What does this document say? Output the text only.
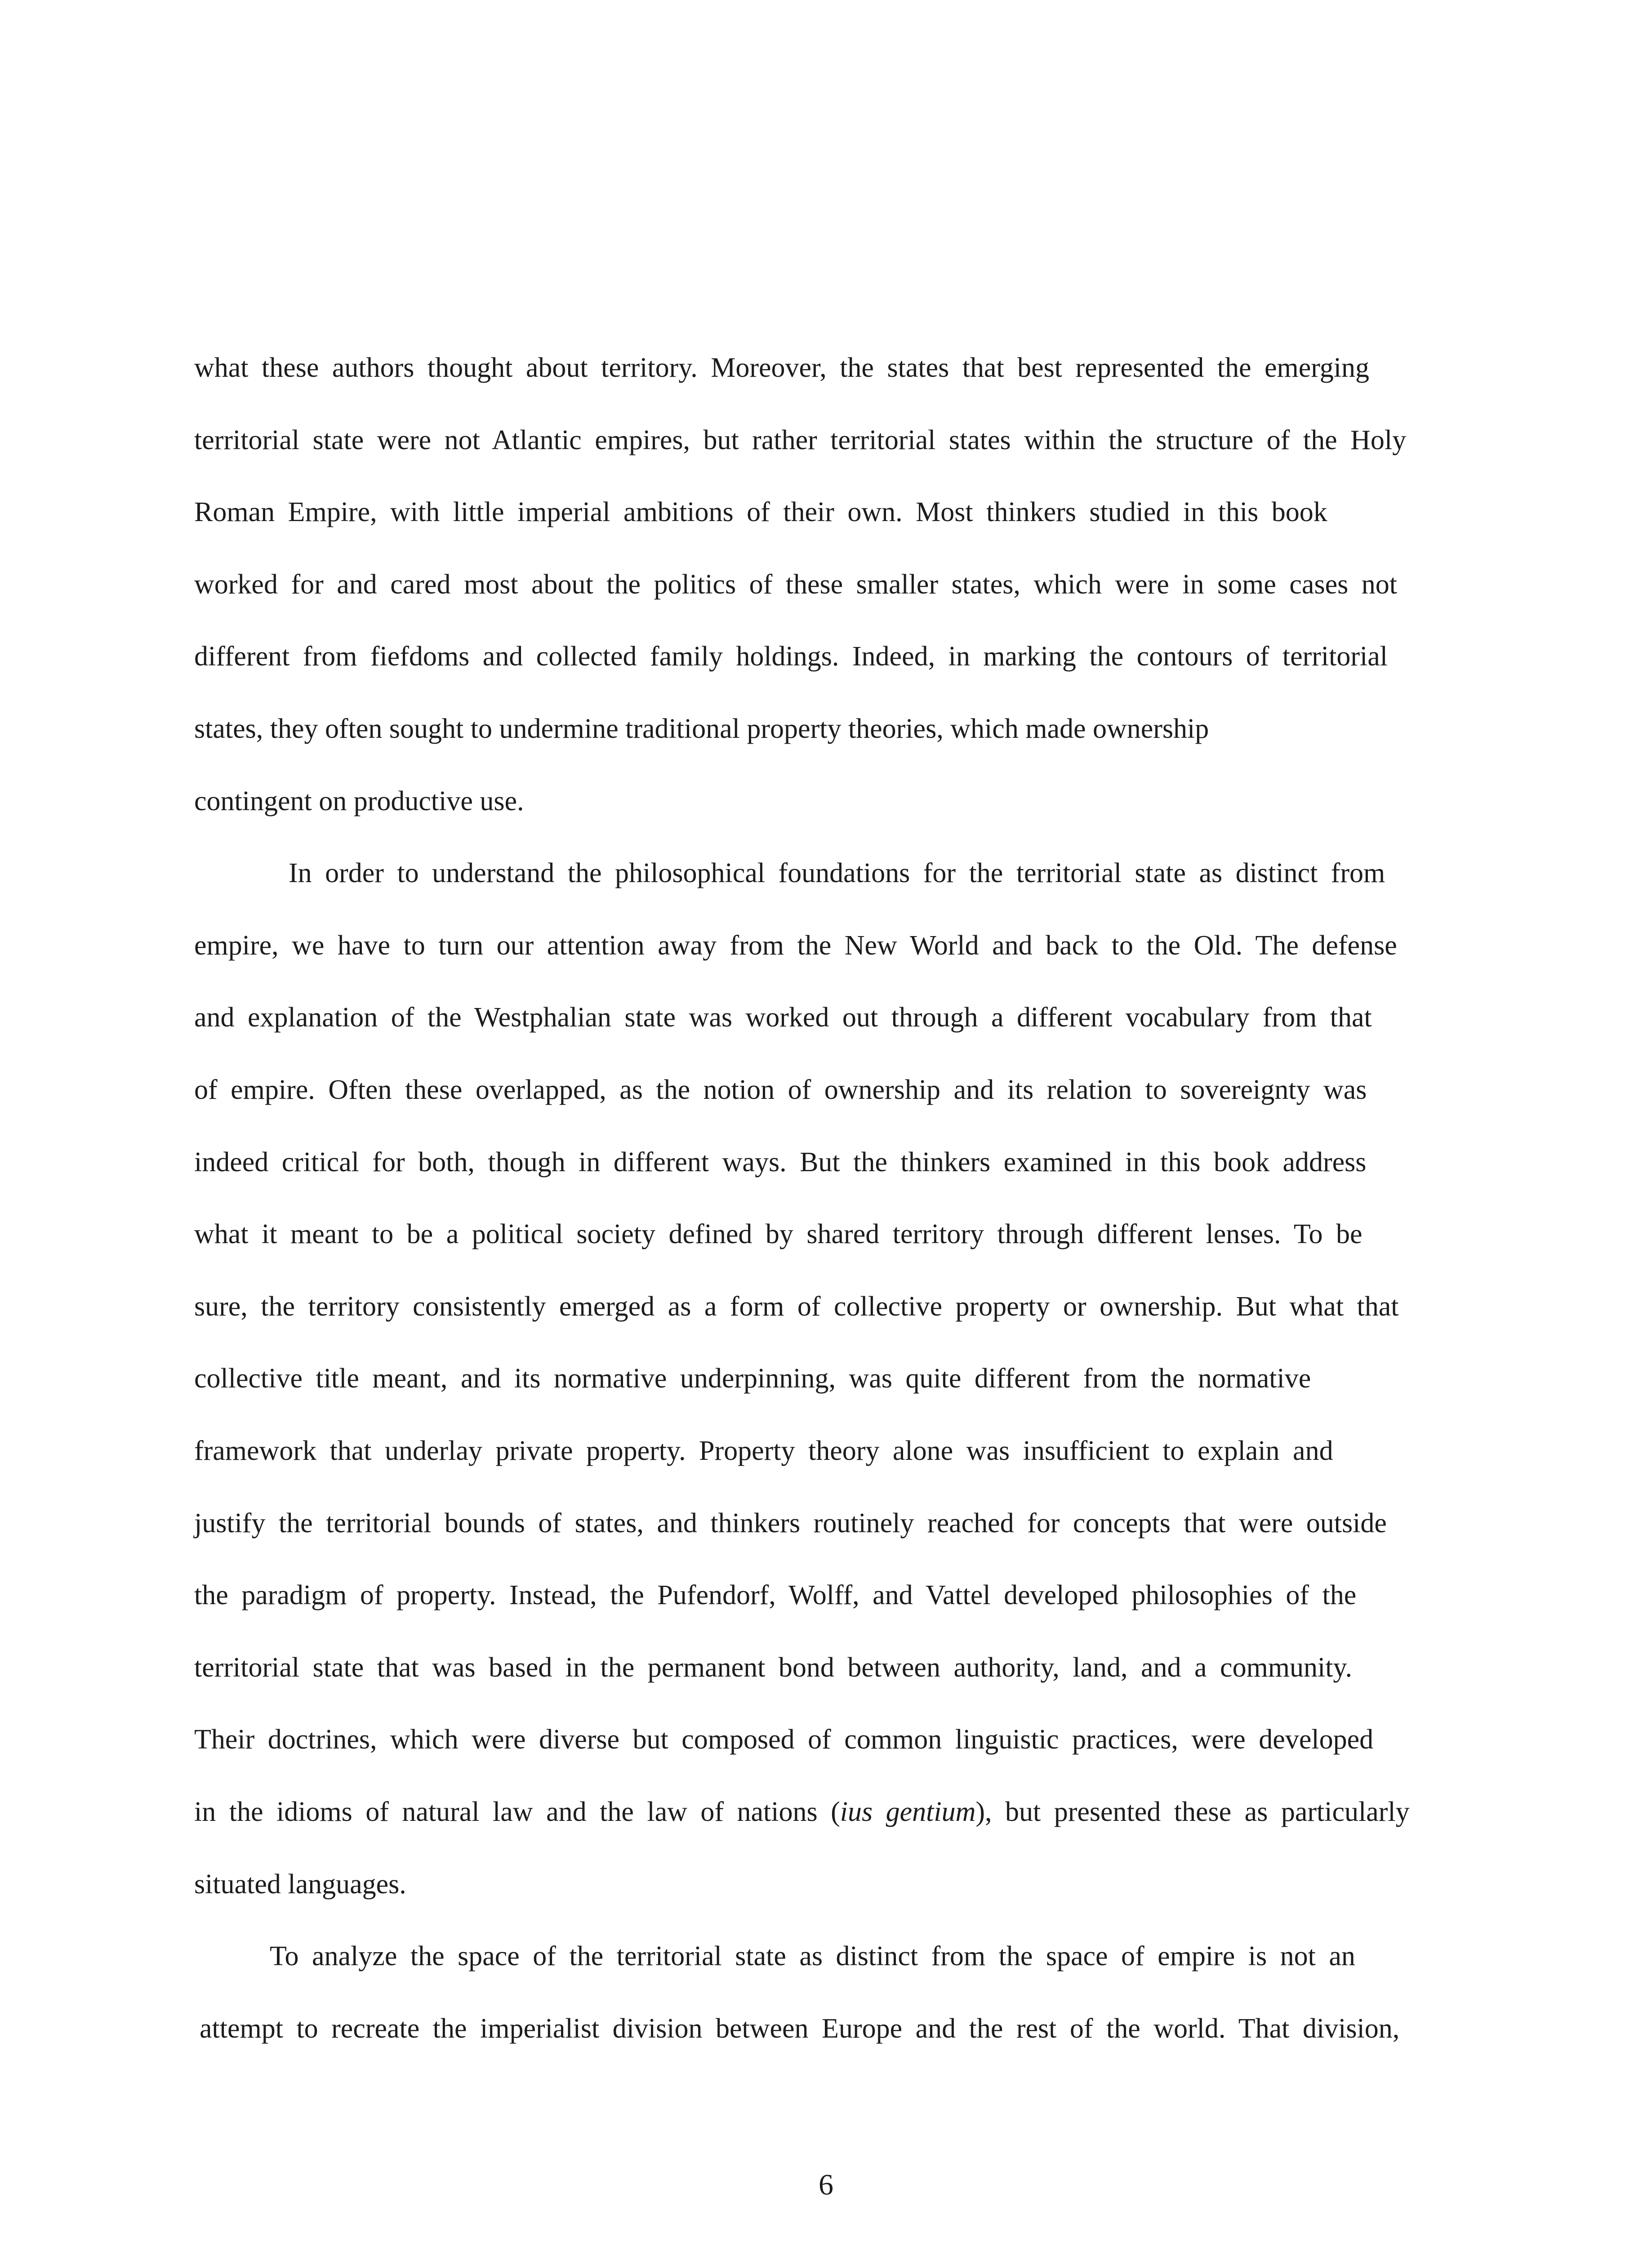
what these authors thought about territory. Moreover, the states that best represented the emerging

territorial state were not Atlantic empires, but rather territorial states within the structure of the Holy

Roman Empire, with little imperial ambitions of their own. Most thinkers studied in this book

worked for and cared most about the politics of these smaller states, which were in some cases not

different from fiefdoms and collected family holdings. Indeed, in marking the contours of territorial

states, they often sought to undermine traditional property theories, which made ownership

contingent on productive use.

In order to understand the philosophical foundations for the territorial state as distinct from

empire, we have to turn our attention away from the New World and back to the Old. The defense

and explanation of the Westphalian state was worked out through a different vocabulary from that

of empire. Often these overlapped, as the notion of ownership and its relation to sovereignty was

indeed critical for both, though in different ways. But the thinkers examined in this book address

what it meant to be a political society defined by shared territory through different lenses. To be

sure, the territory consistently emerged as a form of collective property or ownership. But what that

collective title meant, and its normative underpinning, was quite different from the normative

framework that underlay private property. Property theory alone was insufficient to explain and

justify the territorial bounds of states, and thinkers routinely reached for concepts that were outside

the paradigm of property. Instead, the Pufendorf, Wolff, and Vattel developed philosophies of the

territorial state that was based in the permanent bond between authority, land, and a community.

Their doctrines, which were diverse but composed of common linguistic practices, were developed

in the idioms of natural law and the law of nations (ius gentium), but presented these as particularly

situated languages.

To analyze the space of the territorial state as distinct from the space of empire is not an

attempt to recreate the imperialist division between Europe and the rest of the world. That division,

6
